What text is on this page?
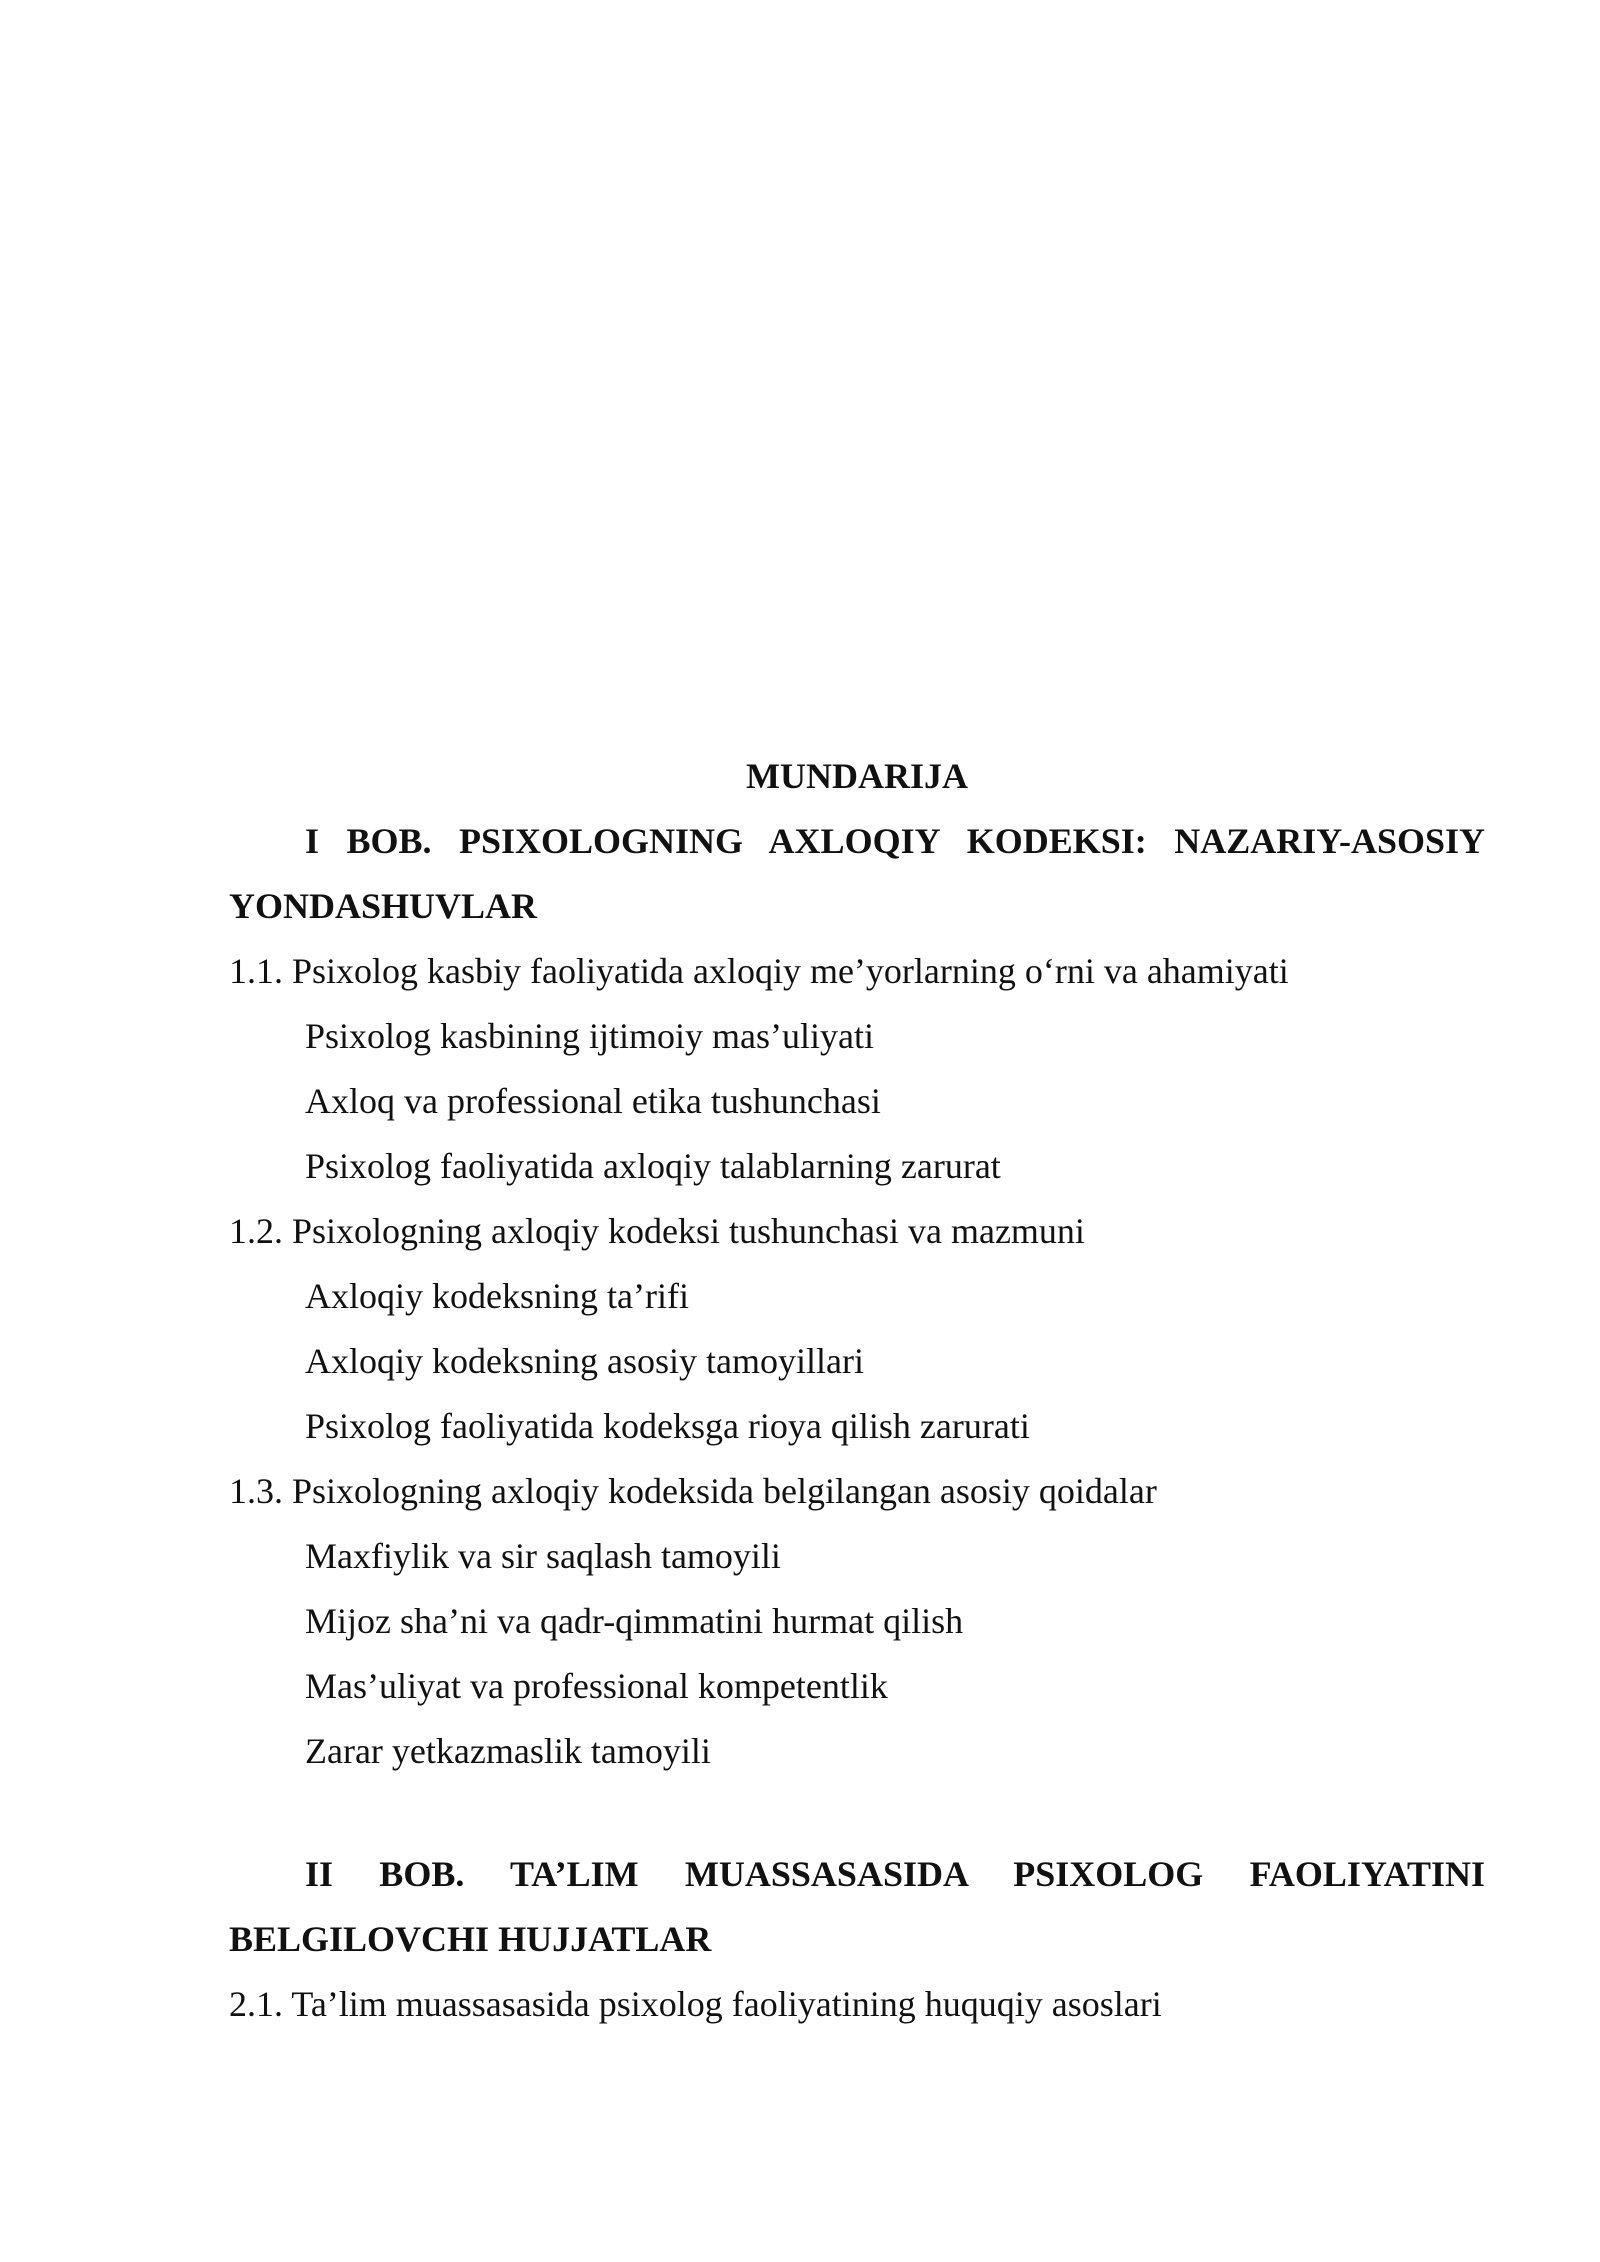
MUNDARIJA

I BOB. PSIXOLOGNING AXLOQIY KODEKSI: NAZARIY-ASOSIY YONDASHUVLAR

1.1. Psixolog kasbiy faoliyatida axloqiy me’yorlarning o‘rni va ahamiyati

Psixolog kasbining ijtimoiy mas’uliyati

Axloq va professional etika tushunchasi

Psixolog faoliyatida axloqiy talablarning zarurat

1.2. Psixologning axloqiy kodeksi tushunchasi va mazmuni

Axloqiy kodeksning ta’rifi

Axloqiy kodeksning asosiy tamoyillari

Psixolog faoliyatida kodeksga rioya qilish zarurati

1.3. Psixologning axloqiy kodeksida belgilangan asosiy qoidalar

Maxfiylik va sir saqlash tamoyili

Mijoz sha’ni va qadr-qimmatini hurmat qilish

Mas’uliyat va professional kompetentlik

Zarar yetkazmaslik tamoyili

II BOB. TA’LIM MUASSASASIDA PSIXOLOG FAOLIYATINI BELGILOVCHI HUJJATLAR

2.1. Ta’lim muassasasida psixolog faoliyatining huquqiy asoslari
